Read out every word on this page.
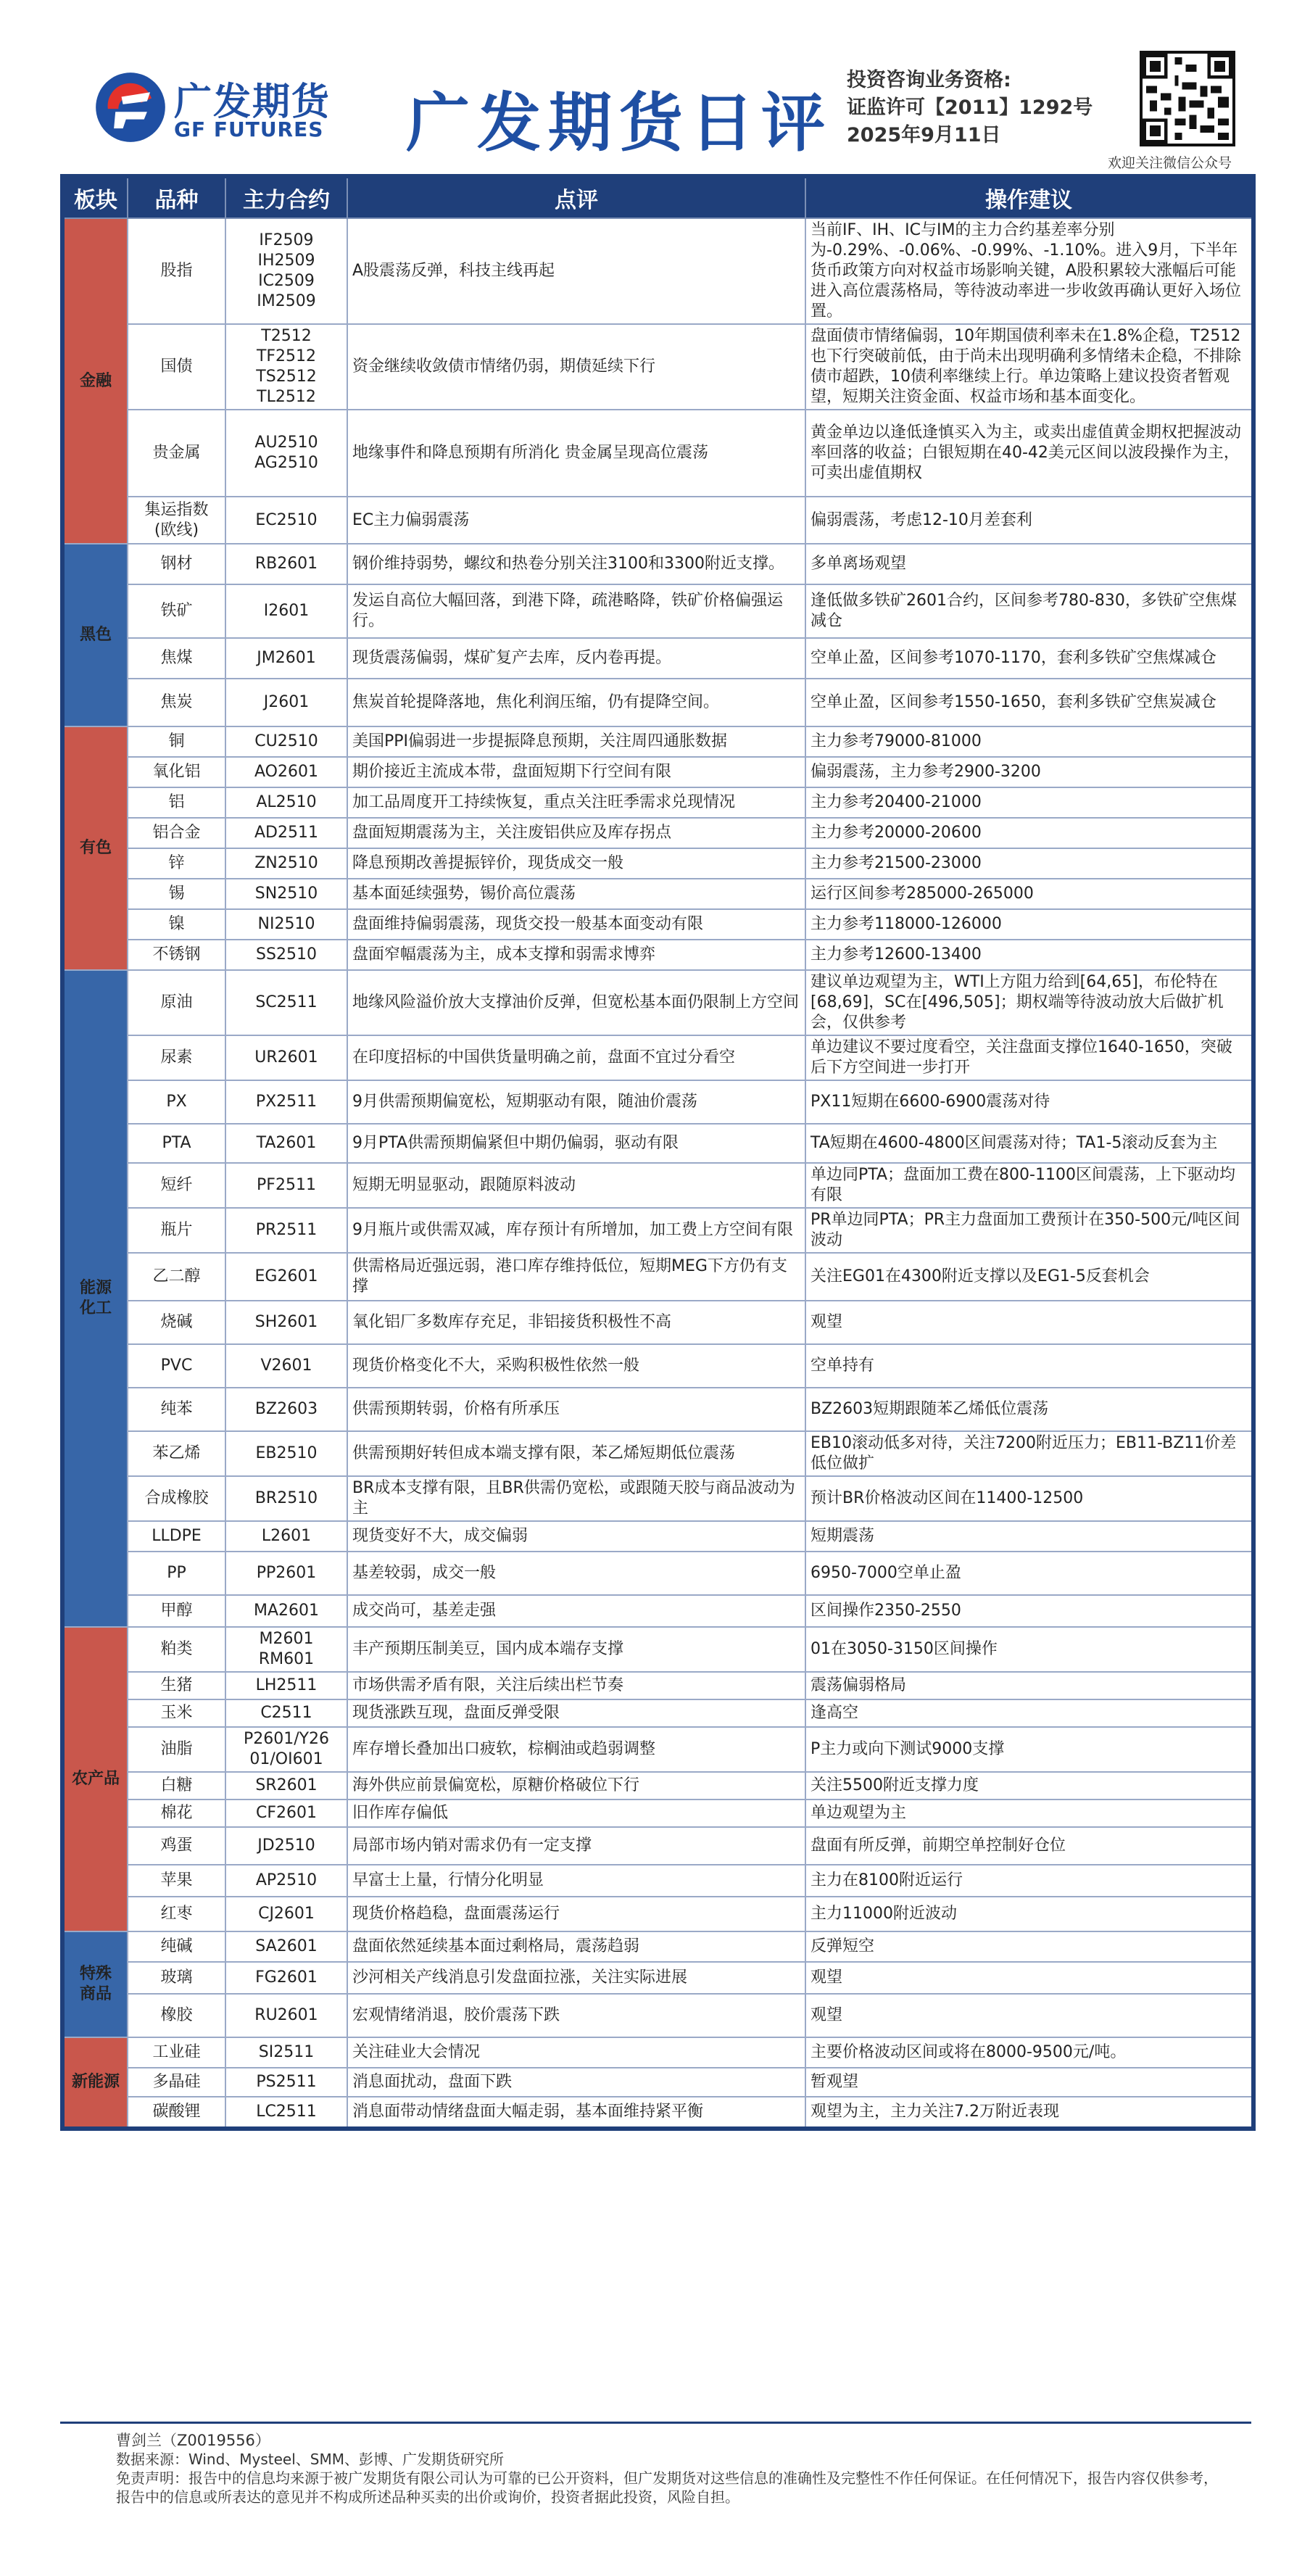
广发期货
GF FUTURES 广发期货日评
投资咨询业务资格:
证监许可【2011】1292号
2025年9月11日
欢迎关注微信公众号
板块	品种	主力合约	点评	操作建议
金融	股指	IF2509
IH2509
IC2509
IM2509	A股震荡反弹，科技主线再起	当前IF、IH、IC与IM的主力合约基差率分别为-0.29%、-0.06%、-0.99%、-1.10%。进入9月，下半年货币政策方向对权益市场影响关键，A股积累较大涨幅后可能进入高位震荡格局，等待波动率进一步收敛再确认更好入场位置。
	国债	T2512
TF2512
TS2512
TL2512	资金继续收敛债市情绪仍弱，期债延续下行	盘面债市情绪偏弱，10年期国债利率未在1.8%企稳，T2512也下行突破前低，由于尚未出现明确利多情绪未企稳，不排除债市超跌，10债利率继续上行。单边策略上建议投资者暂观望，短期关注资金面、权益市场和基本面变化。
	贵金属	AU2510
AG2510	地缘事件和降息预期有所消化 贵金属呈现高位震荡	黄金单边以逢低逢慎买入为主，或卖出虚值黄金期权把握波动率回落的收益；白银短期在40-42美元区间以波段操作为主，可卖出虚值期权
	集运指数
(欧线)	EC2510	EC主力偏弱震荡	偏弱震荡，考虑12-10月差套利
黑色	钢材	RB2601	钢价维持弱势，螺纹和热卷分别关注3100和3300附近支撑。	多单离场观望
	铁矿	I2601	发运自高位大幅回落，到港下降，疏港略降，铁矿价格偏强运行。	逢低做多铁矿2601合约，区间参考780-830，多铁矿空焦煤减仓
	焦煤	JM2601	现货震荡偏弱，煤矿复产去库，反内卷再提。	空单止盈，区间参考1070-1170，套利多铁矿空焦煤减仓
	焦炭	J2601	焦炭首轮提降落地，焦化利润压缩，仍有提降空间。	空单止盈，区间参考1550-1650，套利多铁矿空焦炭减仓
有色	铜	CU2510	美国PPI偏弱进一步提振降息预期，关注周四通胀数据	主力参考79000-81000
	氧化铝	AO2601	期价接近主流成本带，盘面短期下行空间有限	偏弱震荡，主力参考2900-3200
	铝	AL2510	加工品周度开工持续恢复，重点关注旺季需求兑现情况	主力参考20400-21000
	铝合金	AD2511	盘面短期震荡为主，关注废铝供应及库存拐点	主力参考20000-20600
	锌	ZN2510	降息预期改善提振锌价，现货成交一般	主力参考21500-23000
	锡	SN2510	基本面延续强势，锡价高位震荡	运行区间参考285000-265000
	镍	NI2510	盘面维持偏弱震荡，现货交投一般基本面变动有限	主力参考118000-126000
	不锈钢	SS2510	盘面窄幅震荡为主，成本支撑和弱需求博弈	主力参考12600-13400
能源
化工	原油	SC2511	地缘风险溢价放大支撑油价反弹，但宽松基本面仍限制上方空间	建议单边观望为主，WTI上方阻力给到[64,65]，布伦特在[68,69]，SC在[496,505]；期权端等待波动放大后做扩机会，仅供参考
	尿素	UR2601	在印度招标的中国供货量明确之前，盘面不宜过分看空	单边建议不要过度看空，关注盘面支撑位1640-1650，突破后下方空间进一步打开
	PX	PX2511	9月供需预期偏宽松，短期驱动有限，随油价震荡	PX11短期在6600-6900震荡对待
	PTA	TA2601	9月PTA供需预期偏紧但中期仍偏弱，驱动有限	TA短期在4600-4800区间震荡对待；TA1-5滚动反套为主
	短纤	PF2511	短期无明显驱动，跟随原料波动	单边同PTA；盘面加工费在800-1100区间震荡，上下驱动均有限
	瓶片	PR2511	9月瓶片或供需双减，库存预计有所增加，加工费上方空间有限	PR单边同PTA；PR主力盘面加工费预计在350-500元/吨区间波动
	乙二醇	EG2601	供需格局近强远弱，港口库存维持低位，短期MEG下方仍有支撑	关注EG01在4300附近支撑以及EG1-5反套机会
	烧碱	SH2601	氧化铝厂多数库存充足，非铝接货积极性不高	观望
	PVC	V2601	现货价格变化不大，采购积极性依然一般	空单持有
	纯苯	BZ2603	供需预期转弱，价格有所承压	BZ2603短期跟随苯乙烯低位震荡
	苯乙烯	EB2510	供需预期好转但成本端支撑有限，苯乙烯短期低位震荡	EB10滚动低多对待，关注7200附近压力；EB11-BZ11价差低位做扩
	合成橡胶	BR2510	BR成本支撑有限，且BR供需仍宽松，或跟随天胶与商品波动为主	预计BR价格波动区间在11400-12500
	LLDPE	L2601	现货变好不大，成交偏弱	短期震荡
	PP	PP2601	基差较弱，成交一般	6950-7000空单止盈
	甲醇	MA2601	成交尚可，基差走强	区间操作2350-2550
农产品	粕类	M2601
RM601	丰产预期压制美豆，国内成本端存支撑	01在3050-3150区间操作
	生猪	LH2511	市场供需矛盾有限，关注后续出栏节奏	震荡偏弱格局
	玉米	C2511	现货涨跌互现，盘面反弹受限	逢高空
	油脂	P2601/Y26
01/OI601	库存增长叠加出口疲软，棕榈油或趋弱调整	P主力或向下测试9000支撑
	白糖	SR2601	海外供应前景偏宽松，原糖价格破位下行	关注5500附近支撑力度
	棉花	CF2601	旧作库存偏低	单边观望为主
	鸡蛋	JD2510	局部市场内销对需求仍有一定支撑	盘面有所反弹，前期空单控制好仓位
	苹果	AP2510	早富士上量，行情分化明显	主力在8100附近运行
	红枣	CJ2601	现货价格趋稳，盘面震荡运行	主力11000附近波动
特殊
商品	纯碱	SA2601	盘面依然延续基本面过剩格局，震荡趋弱	反弹短空
	玻璃	FG2601	沙河相关产线消息引发盘面拉涨，关注实际进展	观望
	橡胶	RU2601	宏观情绪消退，胶价震荡下跌	观望
新能源	工业硅	SI2511	关注硅业大会情况	主要价格波动区间或将在8000-9500元/吨。
	多晶硅	PS2511	消息面扰动，盘面下跌	暂观望
	碳酸锂	LC2511	消息面带动情绪盘面大幅走弱，基本面维持紧平衡	观望为主，主力关注7.2万附近表现
曹剑兰（Z0019556）
数据来源：Wind、Mysteel、SMM、彭博、广发期货研究所
免责声明：报告中的信息均来源于被广发期货有限公司认为可靠的已公开资料，但广发期货对这些信息的准确性及完整性不作任何保证。在任何情况下，报告内容仅供参考，
报告中的信息或所表达的意见并不构成所述品种买卖的出价或询价，投资者据此投资，风险自担。
